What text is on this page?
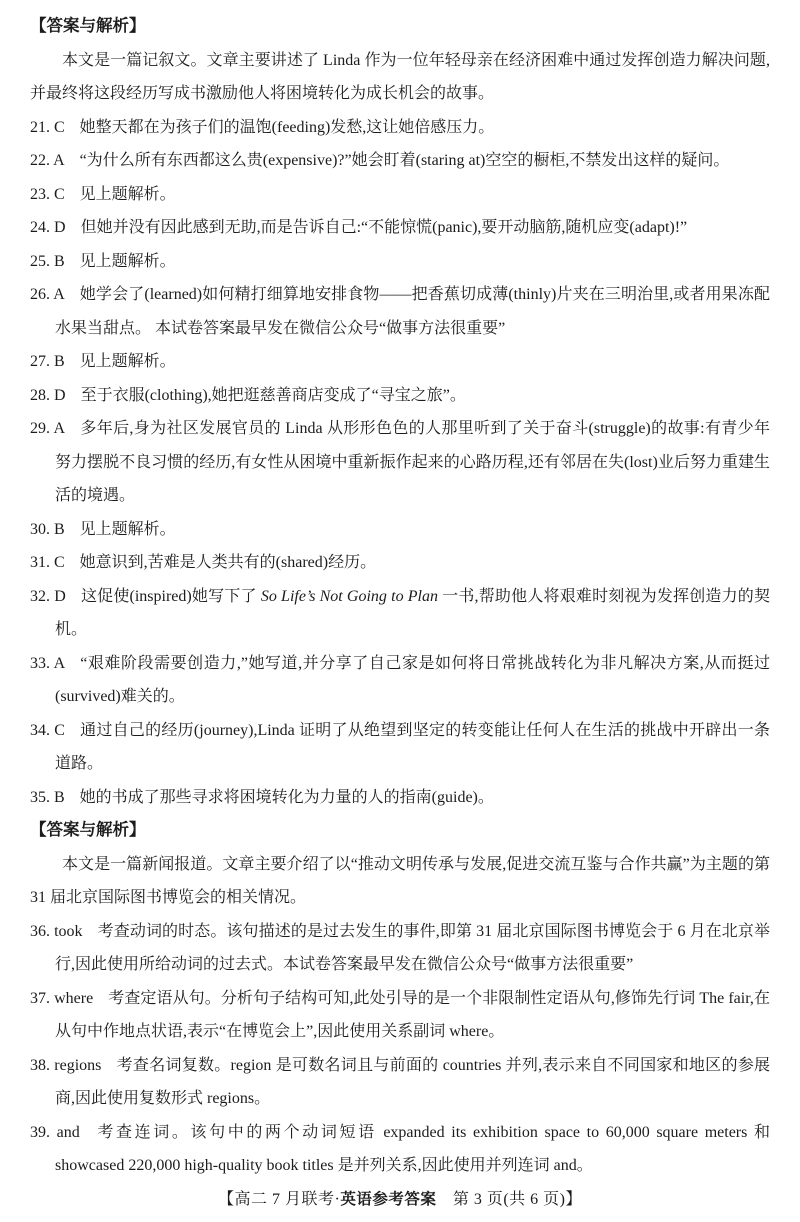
【答案与解析】

本文是一篇记叙文。文章主要讲述了 Linda 作为一位年轻母亲在经济困难中通过发挥创造力解决问题,并最终将这段经历写成书激励他人将困境转化为成长机会的故事。

21. C 她整天都在为孩子们的温饱(feeding)发愁,这让她倍感压力。
22. A “为什么所有东西都这么贵(expensive)?”她会盯着(staring at)空空的橱柜,不禁发出这样的疑问。
23. C 见上题解析。
24. D 但她并没有因此感到无助,而是告诉自己:“不能惊慌(panic),要开动脑筋,随机应变(adapt)!”
25. B 见上题解析。
26. A 她学会了(learned)如何精打细算地安排食物——把香蕉切成薄(thinly)片夹在三明治里,或者用果冻配水果当甜点。 本试卷答案最早发在微信公众号“做事方法很重要”
27. B 见上题解析。
28. D 至于衣服(clothing),她把逛慈善商店变成了“寻宝之旅”。
29. A 多年后,身为社区发展官员的 Linda 从形形色色的人那里听到了关于奋斗(struggle)的故事:有青少年努力摆脱不良习惯的经历,有女性从困境中重新振作起来的心路历程,还有邻居在失(lost)业后努力重建生活的境遇。
30. B 见上题解析。
31. C 她意识到,苦难是人类共有的(shared)经历。
32. D 这促使(inspired)她写下了 So Life’s Not Going to Plan 一书,帮助他人将艰难时刻视为发挥创造力的契机。
33. A “艰难阶段需要创造力,”她写道,并分享了自己家是如何将日常挑战转化为非凡解决方案,从而挺过(survived)难关的。
34. C 通过自己的经历(journey),Linda 证明了从绝望到坚定的转变能让任何人在生活的挑战中开辟出一条道路。
35. B 她的书成了那些寻求将困境转化为力量的人的指南(guide)。
【答案与解析】

本文是一篇新闻报道。文章主要介绍了以“推动文明传承与发展,促进交流互鉴与合作共赢”为主题的第 31 届北京国际图书博览会的相关情况。

36. took 考查动词的时态。该句描述的是过去发生的事件,即第 31 届北京国际图书博览会于 6 月在北京举行,因此使用所给动词的过去式。本试卷答案最早发在微信公众号“做事方法很重要”
37. where 考查定语从句。分析句子结构可知,此处引导的是一个非限制性定语从句,修饰先行词 The fair,在从句中作地点状语,表示“在博览会上”,因此使用关系副词 where。
38. regions 考查名词复数。region 是可数名词且与前面的 countries 并列,表示来自不同国家和地区的参展商,因此使用复数形式 regions。
39. and 考查连词。该句中的两个动词短语 expanded its exhibition space to 60,000 square meters 和 showcased 220,000 high-quality book titles 是并列关系,因此使用并列连词 and。
【高二 7 月联考·英语参考答案　第 3 页(共 6 页)】
